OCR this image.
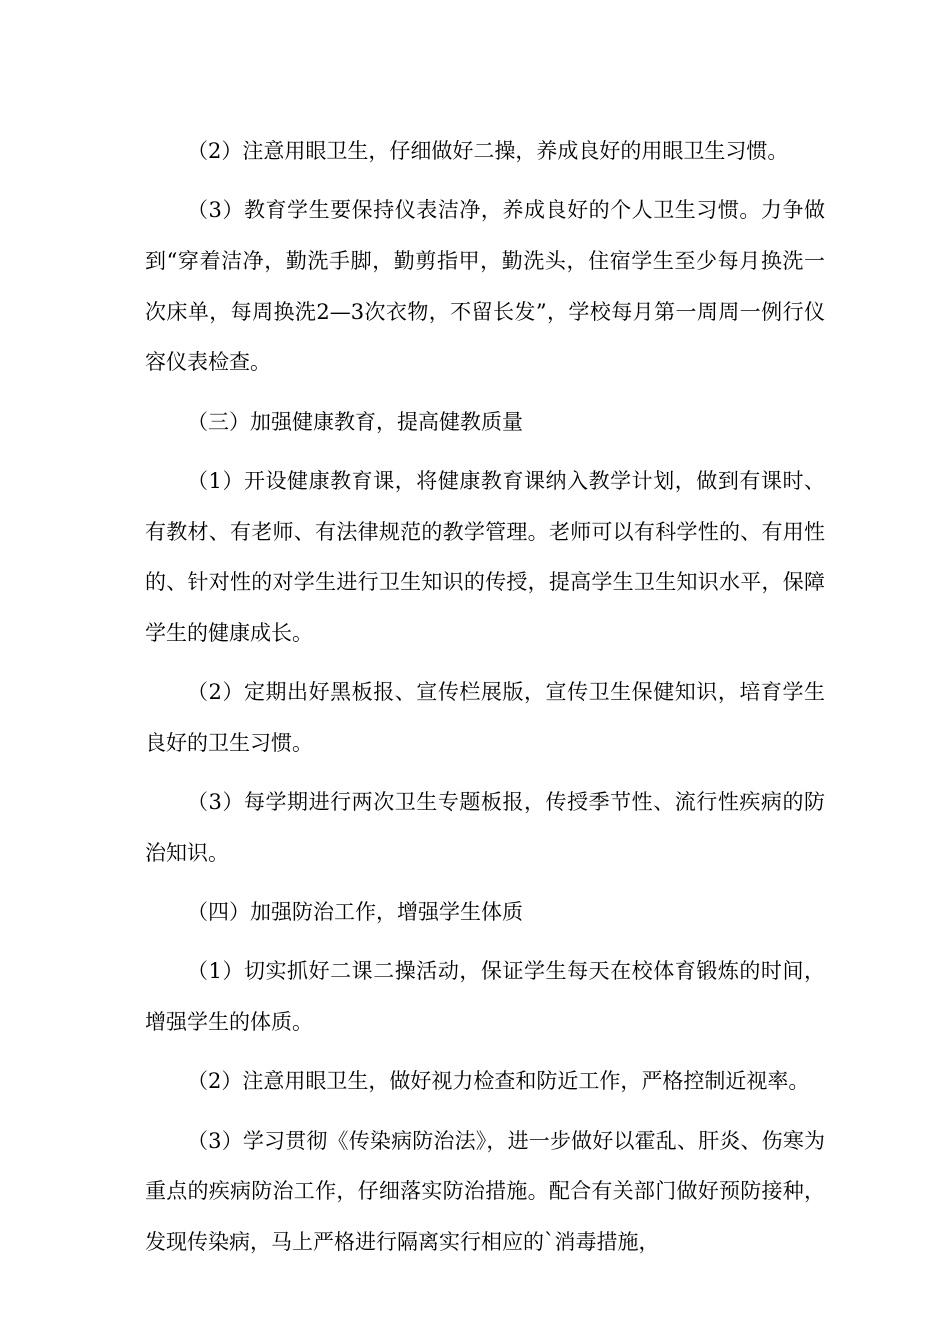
（2）注意用眼卫生，仔细做好二操，养成良好的用眼卫生习惯。

（3）教育学生要保持仪表洁净，养成良好的个人卫生习惯。力争做到“穿着洁净，勤洗手脚，勤剪指甲，勤洗头，住宿学生至少每月换洗一次床单，每周换洗2—3次衣物，不留长发”，学校每月第一周周一例行仪容仪表检查。

（三）加强健康教育，提高健教质量

（1）开设健康教育课，将健康教育课纳入教学计划，做到有课时、有教材、有老师、有法律规范的教学管理。老师可以有科学性的、有用性的、针对性的对学生进行卫生知识的传授，提高学生卫生知识水平，保障学生的健康成长。

（2）定期出好黑板报、宣传栏展版，宣传卫生保健知识，培育学生良好的卫生习惯。

（3）每学期进行两次卫生专题板报，传授季节性、流行性疾病的防治知识。

（四）加强防治工作，增强学生体质

（1）切实抓好二课二操活动，保证学生每天在校体育锻炼的时间，增强学生的体质。

（2）注意用眼卫生，做好视力检查和防近工作，严格控制近视率。

（3）学习贯彻《传染病防治法》，进一步做好以霍乱、肝炎、伤寒为重点的疾病防治工作，仔细落实防治措施。配合有关部门做好预防接种，发现传染病，马上严格进行隔离实行相应的`消毒措施，
